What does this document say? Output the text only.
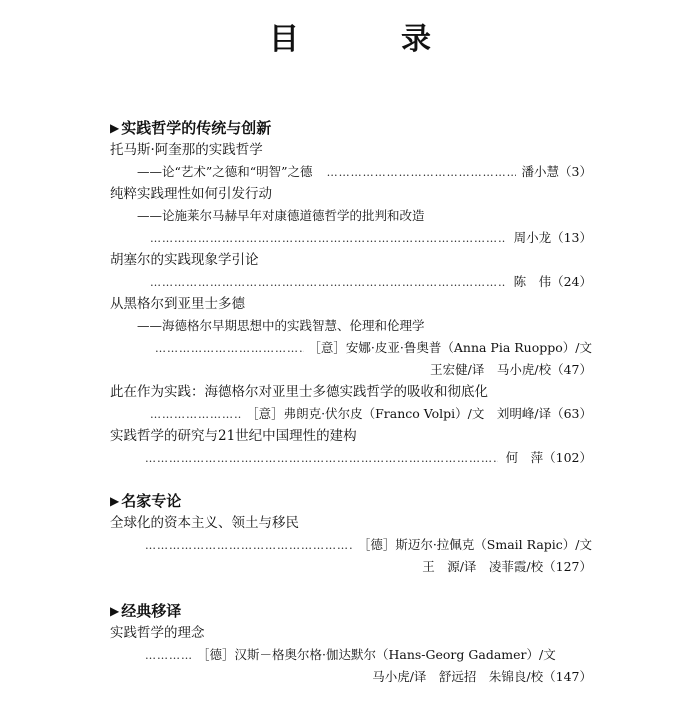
目　录
▶ 实践哲学的传统与创新
托马斯·阿奎那的实践哲学
——论“艺术”之德和“明智”之德 ……………………………………………………………………………………………………………………………………………………………………	潘小慧（3）
纯粹实践理性如何引发行动
——论施莱尔马赫早年对康德道德哲学的批判和改造
……………………………………………………………………………………………………………………………………………………………………
周小龙（13）
胡塞尔的实践现象学引论
……………………………………………………………………………………………………………………………………………………………………
陈　伟（24）
从黑格尔到亚里士多德
——海德格尔早期思想中的实践智慧、伦理和伦理学
……………………………………………………………………………………………………………………………………………………………………
［意］安娜·皮亚·鲁奥普（Anna Pia Ruoppo）/文
王宏健/译　马小虎/校（47）
此在作为实践：海德格尔对亚里士多德实践哲学的吸收和彻底化
……………………………………………………………………………………………………………………………………………………………………
［意］弗朗克·伏尔皮（Franco Volpi）/文　刘明峰/译（63）
实践哲学的研究与21世纪中国理性的建构
……………………………………………………………………………………………………………………………………………………………………
何　萍（102）
▶ 名家专论
全球化的资本主义、领土与移民
……………………………………………………………………………………………………………………………………………………………………
［德］斯迈尔·拉佩克（Smail Rapic）/文
王　源/译　凌菲霞/校（127）
▶ 经典移译
实践哲学的理念
……………………………………………………………………………………………………………………………………………………………………
［德］汉斯－格奥尔格·伽达默尔（Hans-Georg Gadamer）/文
马小虎/译　舒远招　朱锦良/校（147）
